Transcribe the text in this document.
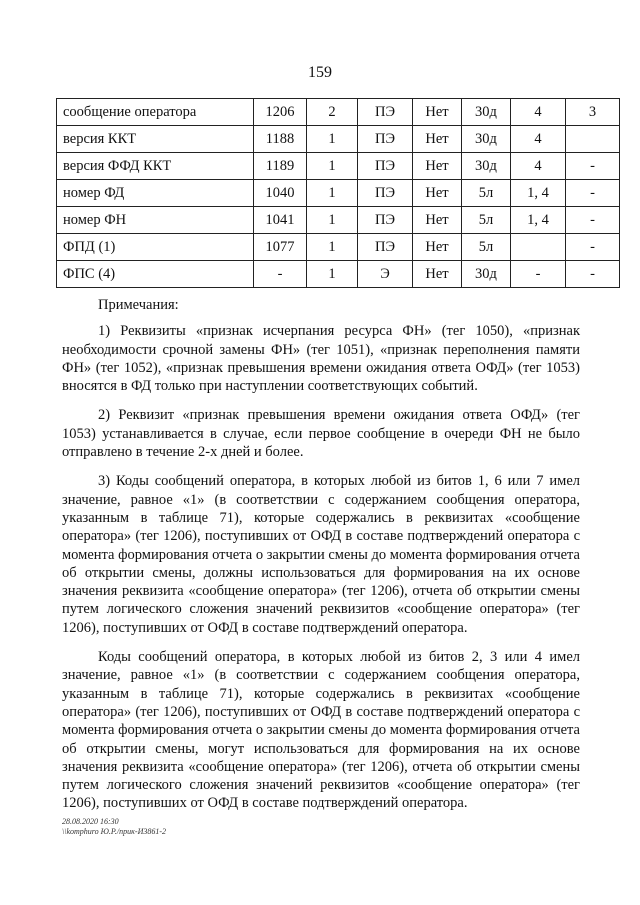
159
сообщение оператора	1206	2	ПЭ	Нет	30д	4	3
версия ККТ	1188	1	ПЭ	Нет	30д	4	
версия ФФД ККТ	1189	1	ПЭ	Нет	30д	4	-
номер ФД	1040	1	ПЭ	Нет	5л	1, 4	-
номер ФН	1041	1	ПЭ	Нет	5л	1, 4	-
ФПД (1)	1077	1	ПЭ	Нет	5л		-
ФПС (4)	-	1	Э	Нет	30д	-	-

Примечания:

1) Реквизиты «признак исчерпания ресурса ФН» (тег 1050), «признак необходимости срочной замены ФН» (тег 1051), «признак переполнения памяти ФН» (тег 1052), «признак превышения времени ожидания ответа ОФД» (тег 1053) вносятся в ФД только при наступлении соответствующих событий.

2) Реквизит «признак превышения времени ожидания ответа ОФД» (тег 1053) устанавливается в случае, если первое сообщение в очереди ФН не было отправлено в течение 2-х дней и более.

3) Коды сообщений оператора, в которых любой из битов 1, 6 или 7 имел значение, равное «1» (в соответствии с содержанием сообщения оператора, указанным в таблице 71), которые содержались в реквизитах «сообщение оператора» (тег 1206), поступивших от ОФД в составе подтверждений оператора с момента формирования отчета о закрытии смены до момента формирования отчета об открытии смены, должны использоваться для формирования на их основе значения реквизита «сообщение оператора» (тег 1206), отчета об открытии смены путем логического сложения значений реквизитов «сообщение оператора» (тег 1206), поступивших от ОФД в составе подтверждений оператора.

Коды сообщений оператора, в которых любой из битов 2, 3 или 4 имел значение, равное «1» (в соответствии с содержанием сообщения оператора, указанным в таблице 71), которые содержались в реквизитах «сообщение оператора» (тег 1206), поступивших от ОФД в составе подтверждений оператора с момента формирования отчета о закрытии смены до момента формирования отчета об открытии смены, могут использоваться для формирования на их основе значения реквизита «сообщение оператора» (тег 1206), отчета об открытии смены путем логического сложения значений реквизитов «сообщение оператора» (тег 1206), поступивших от ОФД в составе подтверждений оператора.

28.08.2020 16:30
\\komphuro Ю.Р./прик-И3861-2
